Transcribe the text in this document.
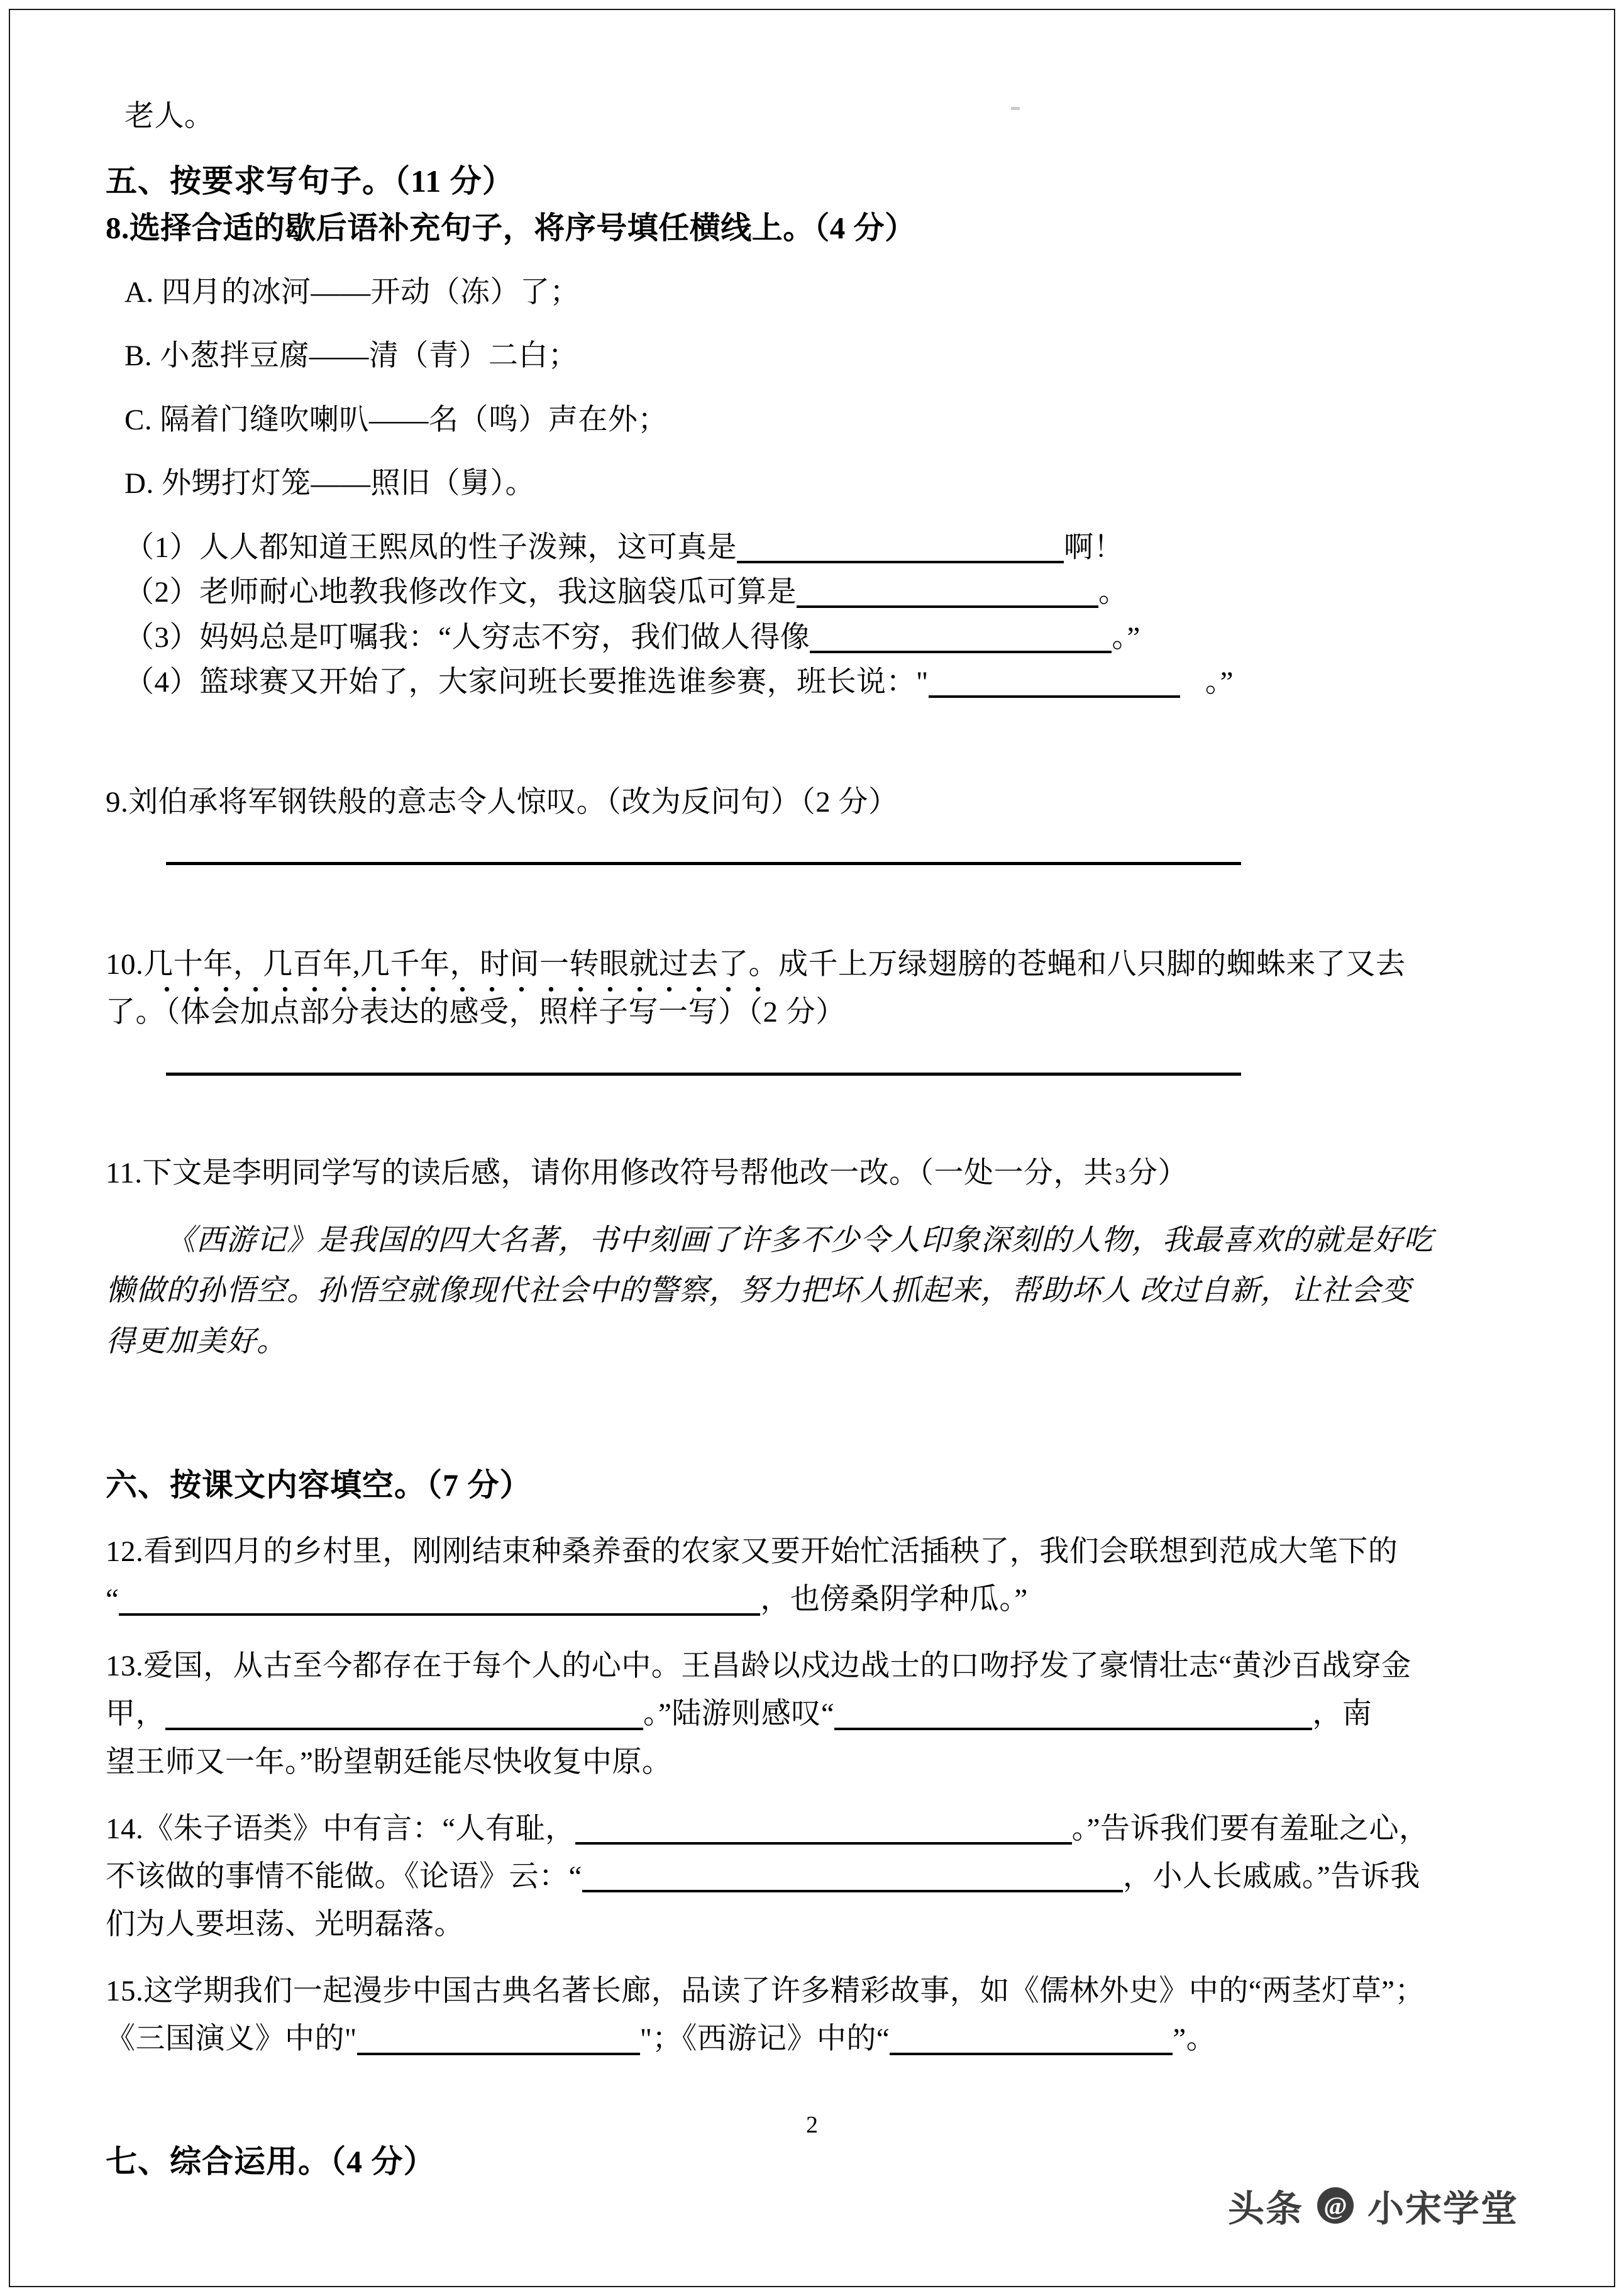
老人。
五、按要求写句子。（11 分）
8.选择合适的歇后语补充句子，将序号填任横线上。（4 分）
A. 四月的冰河——开动（冻）了；
B. 小葱拌豆腐——清（青）二白；
C. 隔着门缝吹喇叭——名（鸣）声在外；
D. 外甥打灯笼——照旧（舅）。
（1）人人都知道王熙凤的性子泼辣，这可真是	啊！
（2）老师耐心地教我修改作文，我这脑袋瓜可算是	。
（3）妈妈总是叮嘱我：“人穷志不穷，我们做人得像	。”
（4）篮球赛又开始了，大家问班长要推选谁参赛，班长说："	。”
9.刘伯承将军钢铁般的意志令人惊叹。（改为反问句）（2 分）
10.几十年，几百年,几千年，时间一转眼就过去了。成千上万绿翅膀的苍蝇和八只脚的蜘蛛来了又去
了。（体会加点部分表达的感受，照样子写一写）（2 分）
11.下文是李明同学写的读后感，请你用修改符号帮他改一改。（一处一分，共3分）
《西游记》是我国的四大名著，书中刻画了许多不少令人印象深刻的人物，我最喜欢的就是好吃
懒做的孙悟空。孙悟空就像现代社会中的警察，努力把坏人抓起来，帮助坏人 改过自新，让社会变
得更加美好。
六、按课文内容填空。（7 分）
12.看到四月的乡村里，刚刚结束种桑养蚕的农家又要开始忙活插秧了，我们会联想到范成大笔下的
“	，也傍桑阴学种瓜。”
13.爱国，从古至今都存在于每个人的心中。王昌龄以戍边战士的口吻抒发了豪情壮志“黄沙百战穿金
甲，	。”陆游则感叹“	，南
望王师又一年。”盼望朝廷能尽快收复中原。
14.《朱子语类》中有言：“人有耻，	。”告诉我们要有羞耻之心，
不该做的事情不能做。《论语》云：“	，小人长戚戚。”告诉我
们为人要坦荡、光明磊落。
15.这学期我们一起漫步中国古典名著长廊，品读了许多精彩故事，如《儒林外史》中的“两茎灯草”；
《三国演义》中的"	"；《西游记》中的“	”。
七、综合运用。（4 分）
2
头条 @ 小宋学堂
